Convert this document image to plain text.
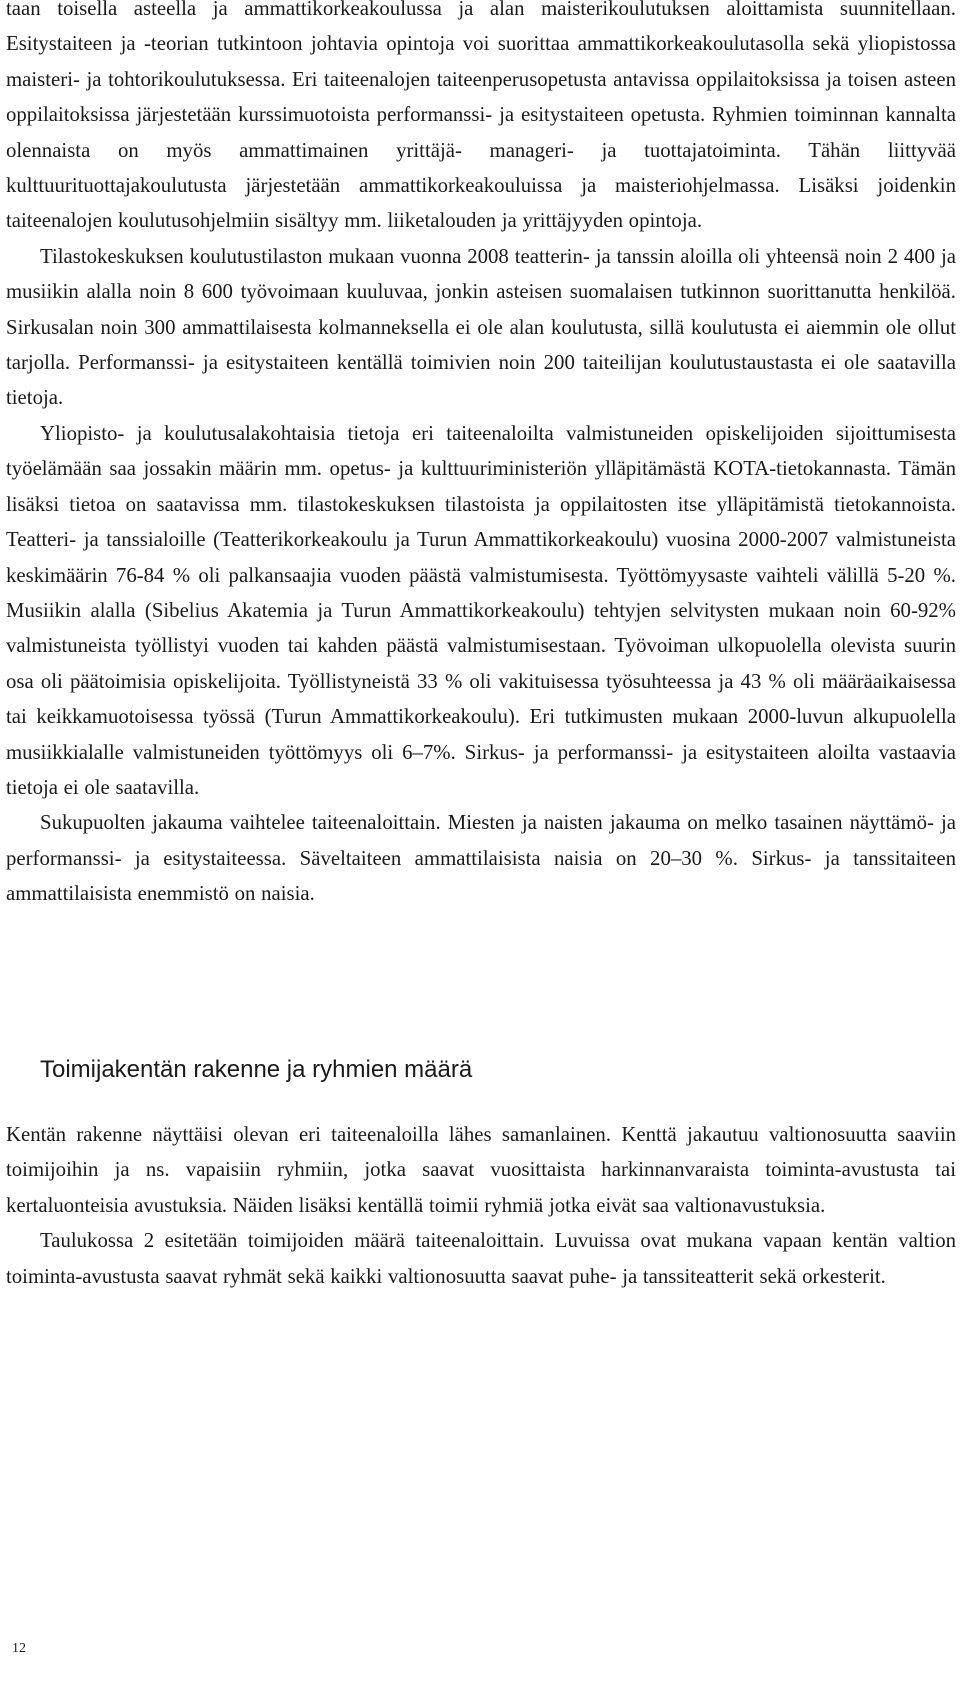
taan toisella asteella ja ammattikorkeakoulussa ja alan maisterikoulutuksen aloittamista suunnitellaan. Esitystaiteen ja -teorian tutkintoon johtavia opintoja voi suorittaa ammattikorkeakoulutasolla sekä yliopistossa maisteri- ja tohtorikoulutuksessa. Eri taiteenalojen taiteenperusopetusta antavissa oppilaitoksissa ja toisen asteen oppilaitoksissa järjestetään kurssimuotoista performanssi- ja esitystaiteen opetusta. Ryhmien toiminnan kannalta olennaista on myös ammattimainen yrittäjä- manageri- ja tuottajatoiminta. Tähän liittyvää kulttuurituottajakoulutusta järjestetään ammattikorkeakouluissa ja maisteriohjelmassa. Lisäksi joidenkin taiteenalojen koulutusohjelmiin sisältyy mm. liiketalouden ja yrittäjyyden opintoja.

Tilastokeskuksen koulutustilaston mukaan vuonna 2008 teatterin- ja tanssin aloilla oli yhteensä noin 2 400 ja musiikin alalla noin 8 600 työvoimaan kuuluvaa, jonkin asteisen suomalaisen tutkinnon suorittanutta henkilöä. Sirkusalan noin 300 ammattilaisesta kolmanneksella ei ole alan koulutusta, sillä koulutusta ei aiemmin ole ollut tarjolla. Performanssi- ja esitystaiteen kentällä toimivien noin 200 taiteilijan koulutustaustasta ei ole saatavilla tietoja.

Yliopisto- ja koulutusalakohtaisia tietoja eri taiteenaloilta valmistuneiden opiskelijoiden sijoittumisesta työelämään saa jossakin määrin mm. opetus- ja kulttuuriministeriön ylläpitämästä KOTA-tietokannasta. Tämän lisäksi tietoa on saatavissa mm. tilastokeskuksen tilastoista ja oppilaitosten itse ylläpitämistä tietokannoista. Teatteri- ja tanssialoille (Teatterikorkeakoulu ja Turun Ammattikorkeakoulu) vuosina 2000-2007 valmistuneista keskimäärin 76-84 % oli palkansaajia vuoden päästä valmistumisesta. Työttömyysaste vaihteli välillä 5-20 %. Musiikin alalla (Sibelius Akatemia ja Turun Ammattikorkeakoulu) tehtyjen selvitysten mukaan noin 60-92% valmistuneista työllistyi vuoden tai kahden päästä valmistumisestaan. Työvoiman ulkopuolella olevista suurin osa oli päätoimisia opiskelijoita. Työllistyneistä 33 % oli vakituisessa työsuhteessa ja 43 % oli määräaikaisessa tai keikkamuotoisessa työssä (Turun Ammattikorkeakoulu). Eri tutkimusten mukaan 2000-luvun alkupuolella musiikkialalle valmistuneiden työttömyys oli 6–7%. Sirkus- ja performanssi- ja esitystaiteen aloilta vastaavia tietoja ei ole saatavilla.

Sukupuolten jakauma vaihtelee taiteenaloittain. Miesten ja naisten jakauma on melko tasainen näyttämö- ja performanssi- ja esitystaiteessa. Säveltaiteen ammattilaisista naisia on 20–30 %. Sirkus- ja tanssitaiteen ammattilaisista enemmistö on naisia.

Toimijakentän rakenne ja ryhmien määrä

Kentän rakenne näyttäisi olevan eri taiteenaloilla lähes samanlainen. Kenttä jakautuu valtionosuutta saaviin toimijoihin ja ns. vapaisiin ryhmiin, jotka saavat vuosittaista harkinnanvaraista toiminta-avustusta tai kertaluonteisia avustuksia. Näiden lisäksi kentällä toimii ryhmiä jotka eivät saa valtionavustuksia.

Taulukossa 2 esitetään toimijoiden määrä taiteenaloittain. Luvuissa ovat mukana vapaan kentän valtion toiminta-avustusta saavat ryhmät sekä kaikki valtionosuutta saavat puhe- ja tanssiteatterit sekä orkesterit.

12
